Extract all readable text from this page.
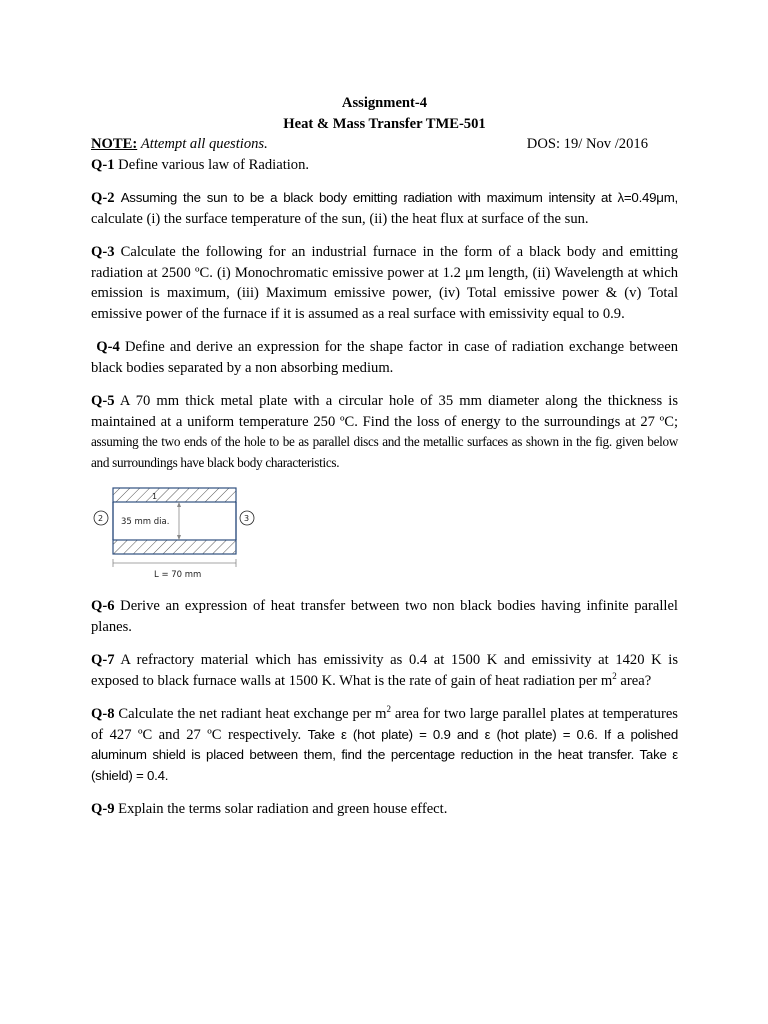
Assignment-4
Heat & Mass Transfer TME-501
NOTE: Attempt all questions.	DOS: 19/ Nov /2016

Q-1 Define various law of Radiation.

Q-2 Assuming the sun to be a black body emitting radiation with maximum intensity at λ=0.49μm, calculate (i) the surface temperature of the sun, (ii) the heat flux at surface of the sun.

Q-3 Calculate the following for an industrial furnace in the form of a black body and emitting radiation at 2500 ºC. (i) Monochromatic emissive power at 1.2 μm length, (ii) Wavelength at which emission is maximum, (iii) Maximum emissive power, (iv) Total emissive power & (v) Total emissive power of the furnace if it is assumed as a real surface with emissivity equal to 0.9.

Q-4 Define and derive an expression for the shape factor in case of radiation exchange between black bodies separated by a non absorbing medium.

Q-5 A 70 mm thick metal plate with a circular hole of 35 mm diameter along the thickness is maintained at a uniform temperature 250 ºC. Find the loss of energy to the surroundings at 27 ºC; assuming the two ends of the hole to be as parallel discs and the metallic surfaces as shown in the fig. given below and surroundings have black body characteristics.

35 mm dia.
1
2	3
L = 70 mm

Q-6 Derive an expression of heat transfer between two non black bodies having infinite parallel planes.

Q-7 A refractory material which has emissivity as 0.4 at 1500 K and emissivity at 1420 K is exposed to black furnace walls at 1500 K. What is the rate of gain of heat radiation per $m^2$ area?

Q-8 Calculate the net radiant heat exchange per $m^2$ area for two large parallel plates at temperatures of 427 ºC and 27 ºC respectively. Take ε (hot plate) = 0.9 and ε (hot plate) = 0.6. If a polished aluminum shield is placed between them, find the percentage reduction in the heat transfer. Take ε (shield) = 0.4.

Q-9 Explain the terms solar radiation and green house effect.
